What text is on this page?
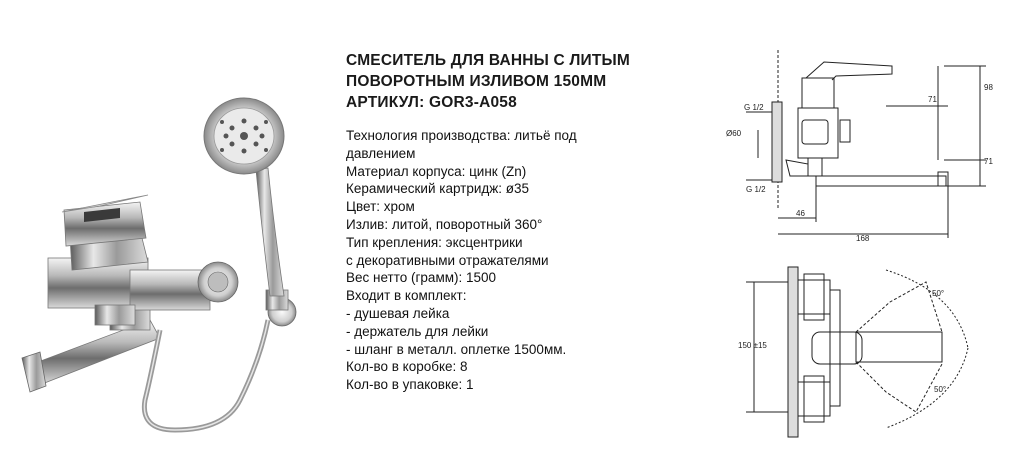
СМЕСИТЕЛЬ ДЛЯ ВАННЫ С ЛИТЫМ
ПОВОРОТНЫМ ИЗЛИВОМ 150ММ
АРТИКУЛ: GOR3-A058
Технология производства: литьё под
давлением
Материал корпуса: цинк (Zn)
Керамический картридж: ø35
Цвет: хром
Излив: литой, поворотный 360°
Тип крепления: эксцентрики
с декоративными отражателями
Вес нетто (грамм): 1500
Входит в комплект:
- душевая лейка
- держатель для лейки
- шланг в металл. оплетке 1500мм.
Кол-во в коробке: 8
Кол-во в упаковке: 1
G 1/2
Ø60
G 1/2
71
98
71
46
168
150 ±15
50°
50°
